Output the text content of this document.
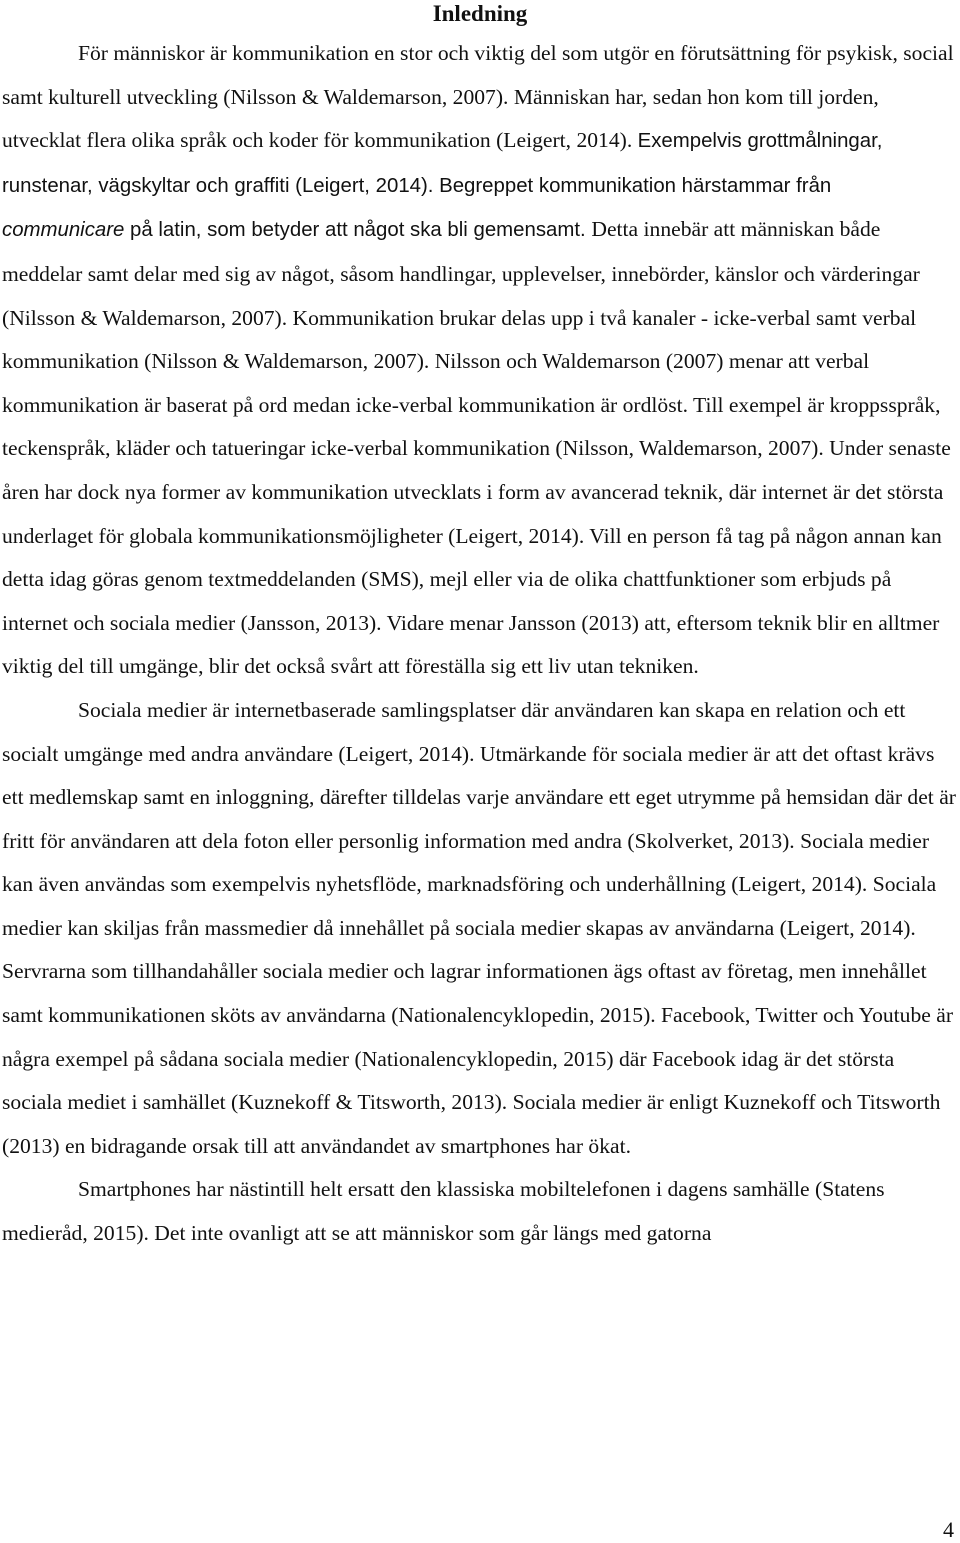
Inledning

För människor är kommunikation en stor och viktig del som utgör en förutsättning för psykisk, social samt kulturell utveckling (Nilsson & Waldemarson, 2007). Människan har, sedan hon kom till jorden, utvecklat flera olika språk och koder för kommunikation (Leigert, 2014). Exempelvis grottmålningar, runstenar, vägskyltar och graffiti (Leigert, 2014). Begreppet kommunikation härstammar från communicare på latin, som betyder att något ska bli gemensamt. Detta innebär att människan både meddelar samt delar med sig av något, såsom handlingar, upplevelser, innebörder, känslor och värderingar (Nilsson & Waldemarson, 2007). Kommunikation brukar delas upp i två kanaler - icke-verbal samt verbal kommunikation (Nilsson & Waldemarson, 2007). Nilsson och Waldemarson (2007) menar att verbal kommunikation är baserat på ord medan icke-verbal kommunikation är ordlöst. Till exempel är kroppsspråk, teckenspråk, kläder och tatueringar icke-verbal kommunikation (Nilsson, Waldemarson, 2007). Under senaste åren har dock nya former av kommunikation utvecklats i form av avancerad teknik, där internet är det största underlaget för globala kommunikationsmöjligheter (Leigert, 2014). Vill en person få tag på någon annan kan detta idag göras genom textmeddelanden (SMS), mejl eller via de olika chattfunktioner som erbjuds på internet och sociala medier (Jansson, 2013). Vidare menar Jansson (2013) att, eftersom teknik blir en alltmer viktig del till umgänge, blir det också svårt att föreställa sig ett liv utan tekniken.

Sociala medier är internetbaserade samlingsplatser där användaren kan skapa en relation och ett socialt umgänge med andra användare (Leigert, 2014). Utmärkande för sociala medier är att det oftast krävs ett medlemskap samt en inloggning, därefter tilldelas varje användare ett eget utrymme på hemsidan där det är fritt för användaren att dela foton eller personlig information med andra (Skolverket, 2013). Sociala medier kan även användas som exempelvis nyhetsflöde, marknadsföring och underhållning (Leigert, 2014). Sociala medier kan skiljas från massmedier då innehållet på sociala medier skapas av användarna (Leigert, 2014). Servrarna som tillhandahåller sociala medier och lagrar informationen ägs oftast av företag, men innehållet samt kommunikationen sköts av användarna (Nationalencyklopedin, 2015). Facebook, Twitter och Youtube är några exempel på sådana sociala medier (Nationalencyklopedin, 2015) där Facebook idag är det största sociala mediet i samhället (Kuznekoff & Titsworth, 2013). Sociala medier är enligt Kuznekoff och Titsworth (2013) en bidragande orsak till att användandet av smartphones har ökat.

Smartphones har nästintill helt ersatt den klassiska mobiltelefonen i dagens samhälle (Statens medieråd, 2015). Det inte ovanligt att se att människor som går längs med gatorna

4
